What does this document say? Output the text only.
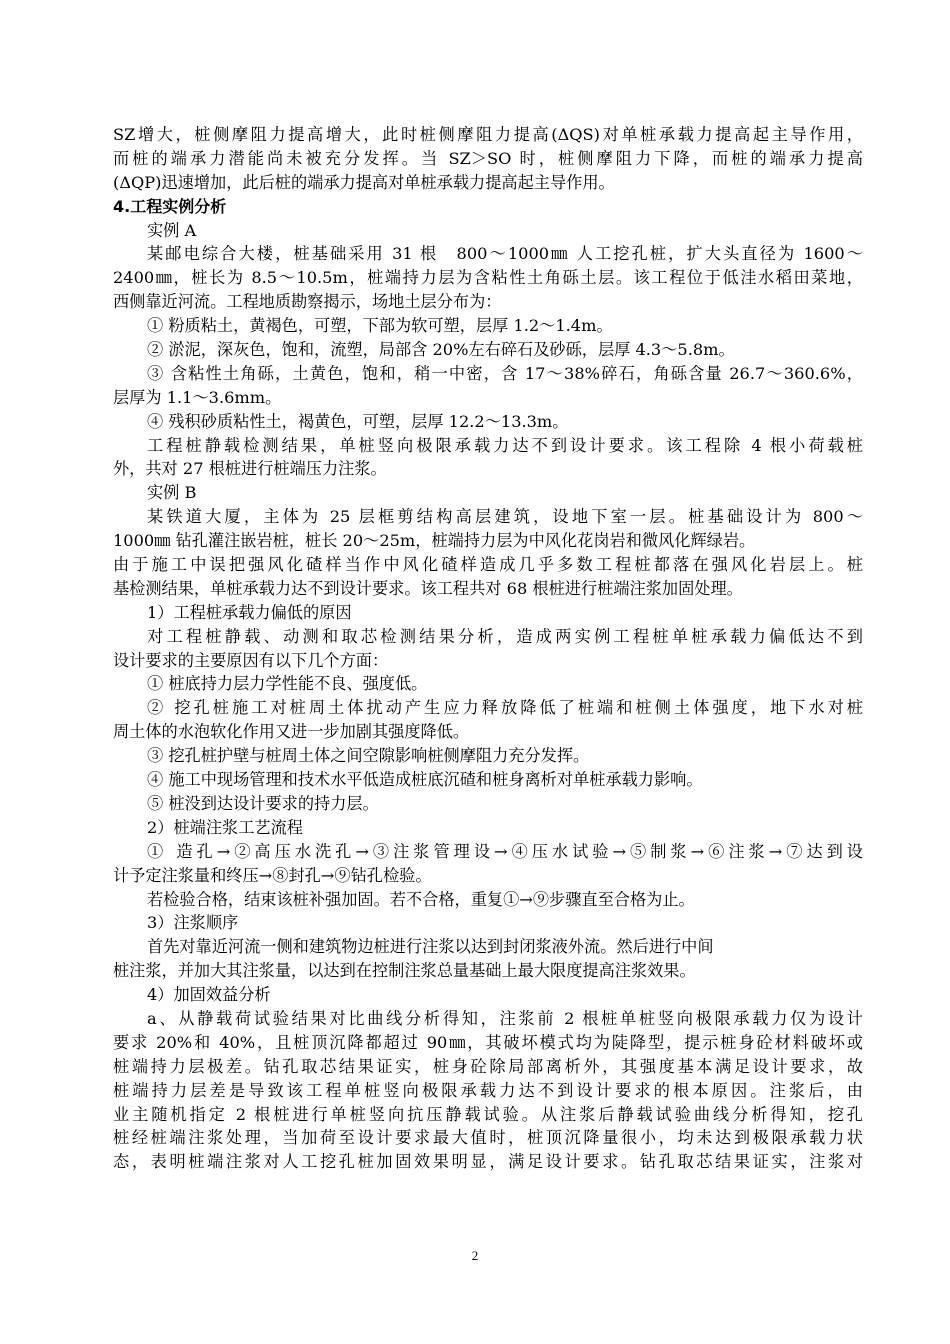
SZ增大，桩侧摩阻力提高增大，此时桩侧摩阻力提高(ΔQS)对单桩承载力提高起主导作用，
而桩的端承力潜能尚未被充分发挥。当 SZ＞SO 时，桩侧摩阻力下降，而桩的端承力提高
(ΔQP)迅速增加，此后桩的端承力提高对单桩承载力提高起主导作用。
4.工程实例分析
实例 A
某邮电综合大楼，桩基础采用 31 根　800～1000㎜ 人工挖孔桩，扩大头直径为 1600～
2400㎜，桩长为 8.5～10.5m，桩端持力层为含粘性土角砾土层。该工程位于低洼水稻田菜地，
西侧靠近河流。工程地质勘察揭示，场地土层分布为：
① 粉质粘土，黄褐色，可塑，下部为软可塑，层厚 1.2～1.4m。
② 淤泥，深灰色，饱和，流塑，局部含 20%左右碎石及砂砾，层厚 4.3～5.8m。
③ 含粘性土角砾，土黄色，饱和，稍一中密，含 17～38%碎石，角砾含量 26.7～360.6%，
层厚为 1.1～3.6mm。
④ 残积砂质粘性土，褐黄色，可塑，层厚 12.2～13.3m。
工程桩静载检测结果，单桩竖向极限承载力达不到设计要求。该工程除 4 根小荷载桩
外，共对 27 根桩进行桩端压力注浆。
实例 B
某铁道大厦，主体为 25 层框剪结构高层建筑，设地下室一层。桩基础设计为 800～
1000㎜ 钻孔灌注嵌岩桩，桩长 20～25m，桩端持力层为中风化花岗岩和微风化辉绿岩。
由于施工中误把强风化碴样当作中风化碴样造成几乎多数工程桩都落在强风化岩层上。桩
基检测结果，单桩承载力达不到设计要求。该工程共对 68 根桩进行桩端注浆加固处理。
1）工程桩承载力偏低的原因
对工程桩静载、动测和取芯检测结果分析，造成两实例工程桩单桩承载力偏低达不到
设计要求的主要原因有以下几个方面：
① 桩底持力层力学性能不良、强度低。
② 挖孔桩施工对桩周土体扰动产生应力释放降低了桩端和桩侧土体强度，地下水对桩
周土体的水泡软化作用又进一步加剧其强度降低。
③ 挖孔桩护壁与桩周土体之间空隙影响桩侧摩阻力充分发挥。
④ 施工中现场管理和技术水平低造成桩底沉碴和桩身离析对单桩承载力影响。
⑤ 桩没到达设计要求的持力层。
2）桩端注浆工艺流程
① 造孔→②高压水洗孔→③注浆管理设→④压水试验→⑤制浆→⑥注浆→⑦达到设
计予定注浆量和终压→⑧封孔→⑨钻孔检验。
若检验合格，结束该桩补强加固。若不合格，重复①→⑨步骤直至合格为止。
3）注浆顺序
首先对靠近河流一侧和建筑物边桩进行注浆以达到封闭浆液外流。然后进行中间
桩注浆，并加大其注浆量，以达到在控制注浆总量基础上最大限度提高注浆效果。
4）加固效益分析
a、从静载荷试验结果对比曲线分析得知，注浆前 2 根桩单桩竖向极限承载力仅为设计
要求 20%和 40%，且桩顶沉降都超过 90㎜，其破坏模式均为陡降型，提示桩身砼材料破坏或
桩端持力层极差。钻孔取芯结果证实，桩身砼除局部离析外，其强度基本满足设计要求，故
桩端持力层差是导致该工程单桩竖向极限承载力达不到设计要求的根本原因。注浆后，由
业主随机指定 2 根桩进行单桩竖向抗压静载试验。从注浆后静载试验曲线分析得知，挖孔
桩经桩端注浆处理，当加荷至设计要求最大值时，桩顶沉降量很小，均未达到极限承载力状
态，表明桩端注浆对人工挖孔桩加固效果明显，满足设计要求。钻孔取芯结果证实，注浆对
2
